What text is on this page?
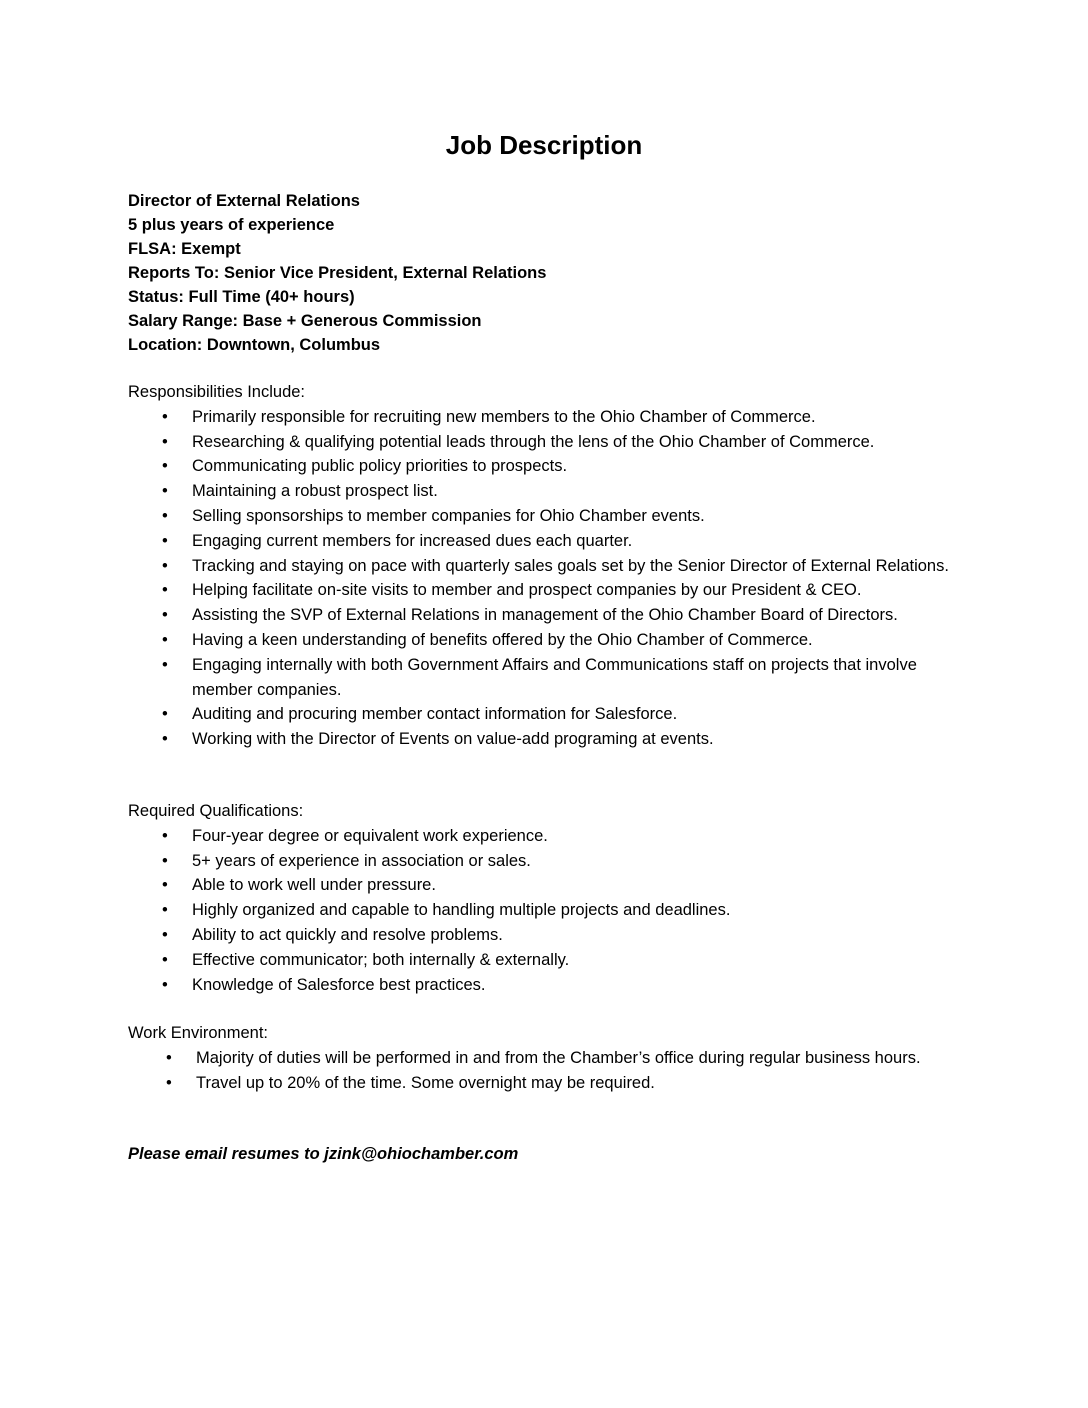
Job Description
Director of External Relations
5 plus years of experience
FLSA: Exempt
Reports To: Senior Vice President, External Relations
Status: Full Time (40+ hours)
Salary Range: Base + Generous Commission
Location: Downtown, Columbus
Responsibilities Include:
• Primarily responsible for recruiting new members to the Ohio Chamber of Commerce.
• Researching & qualifying potential leads through the lens of the Ohio Chamber of Commerce.
• Communicating public policy priorities to prospects.
• Maintaining a robust prospect list.
• Selling sponsorships to member companies for Ohio Chamber events.
• Engaging current members for increased dues each quarter.
• Tracking and staying on pace with quarterly sales goals set by the Senior Director of External Relations.
• Helping facilitate on-site visits to member and prospect companies by our President & CEO.
• Assisting the SVP of External Relations in management of the Ohio Chamber Board of Directors.
• Having a keen understanding of benefits offered by the Ohio Chamber of Commerce.
• Engaging internally with both Government Affairs and Communications staff on projects that involve member companies.
• Auditing and procuring member contact information for Salesforce.
• Working with the Director of Events on value-add programing at events.
Required Qualifications:
• Four-year degree or equivalent work experience.
• 5+ years of experience in association or sales.
• Able to work well under pressure.
• Highly organized and capable to handling multiple projects and deadlines.
• Ability to act quickly and resolve problems.
• Effective communicator; both internally & externally.
• Knowledge of Salesforce best practices.
Work Environment:
• Majority of duties will be performed in and from the Chamber’s office during regular business hours.
• Travel up to 20% of the time. Some overnight may be required.
Please email resumes to jzink@ohiochamber.com
